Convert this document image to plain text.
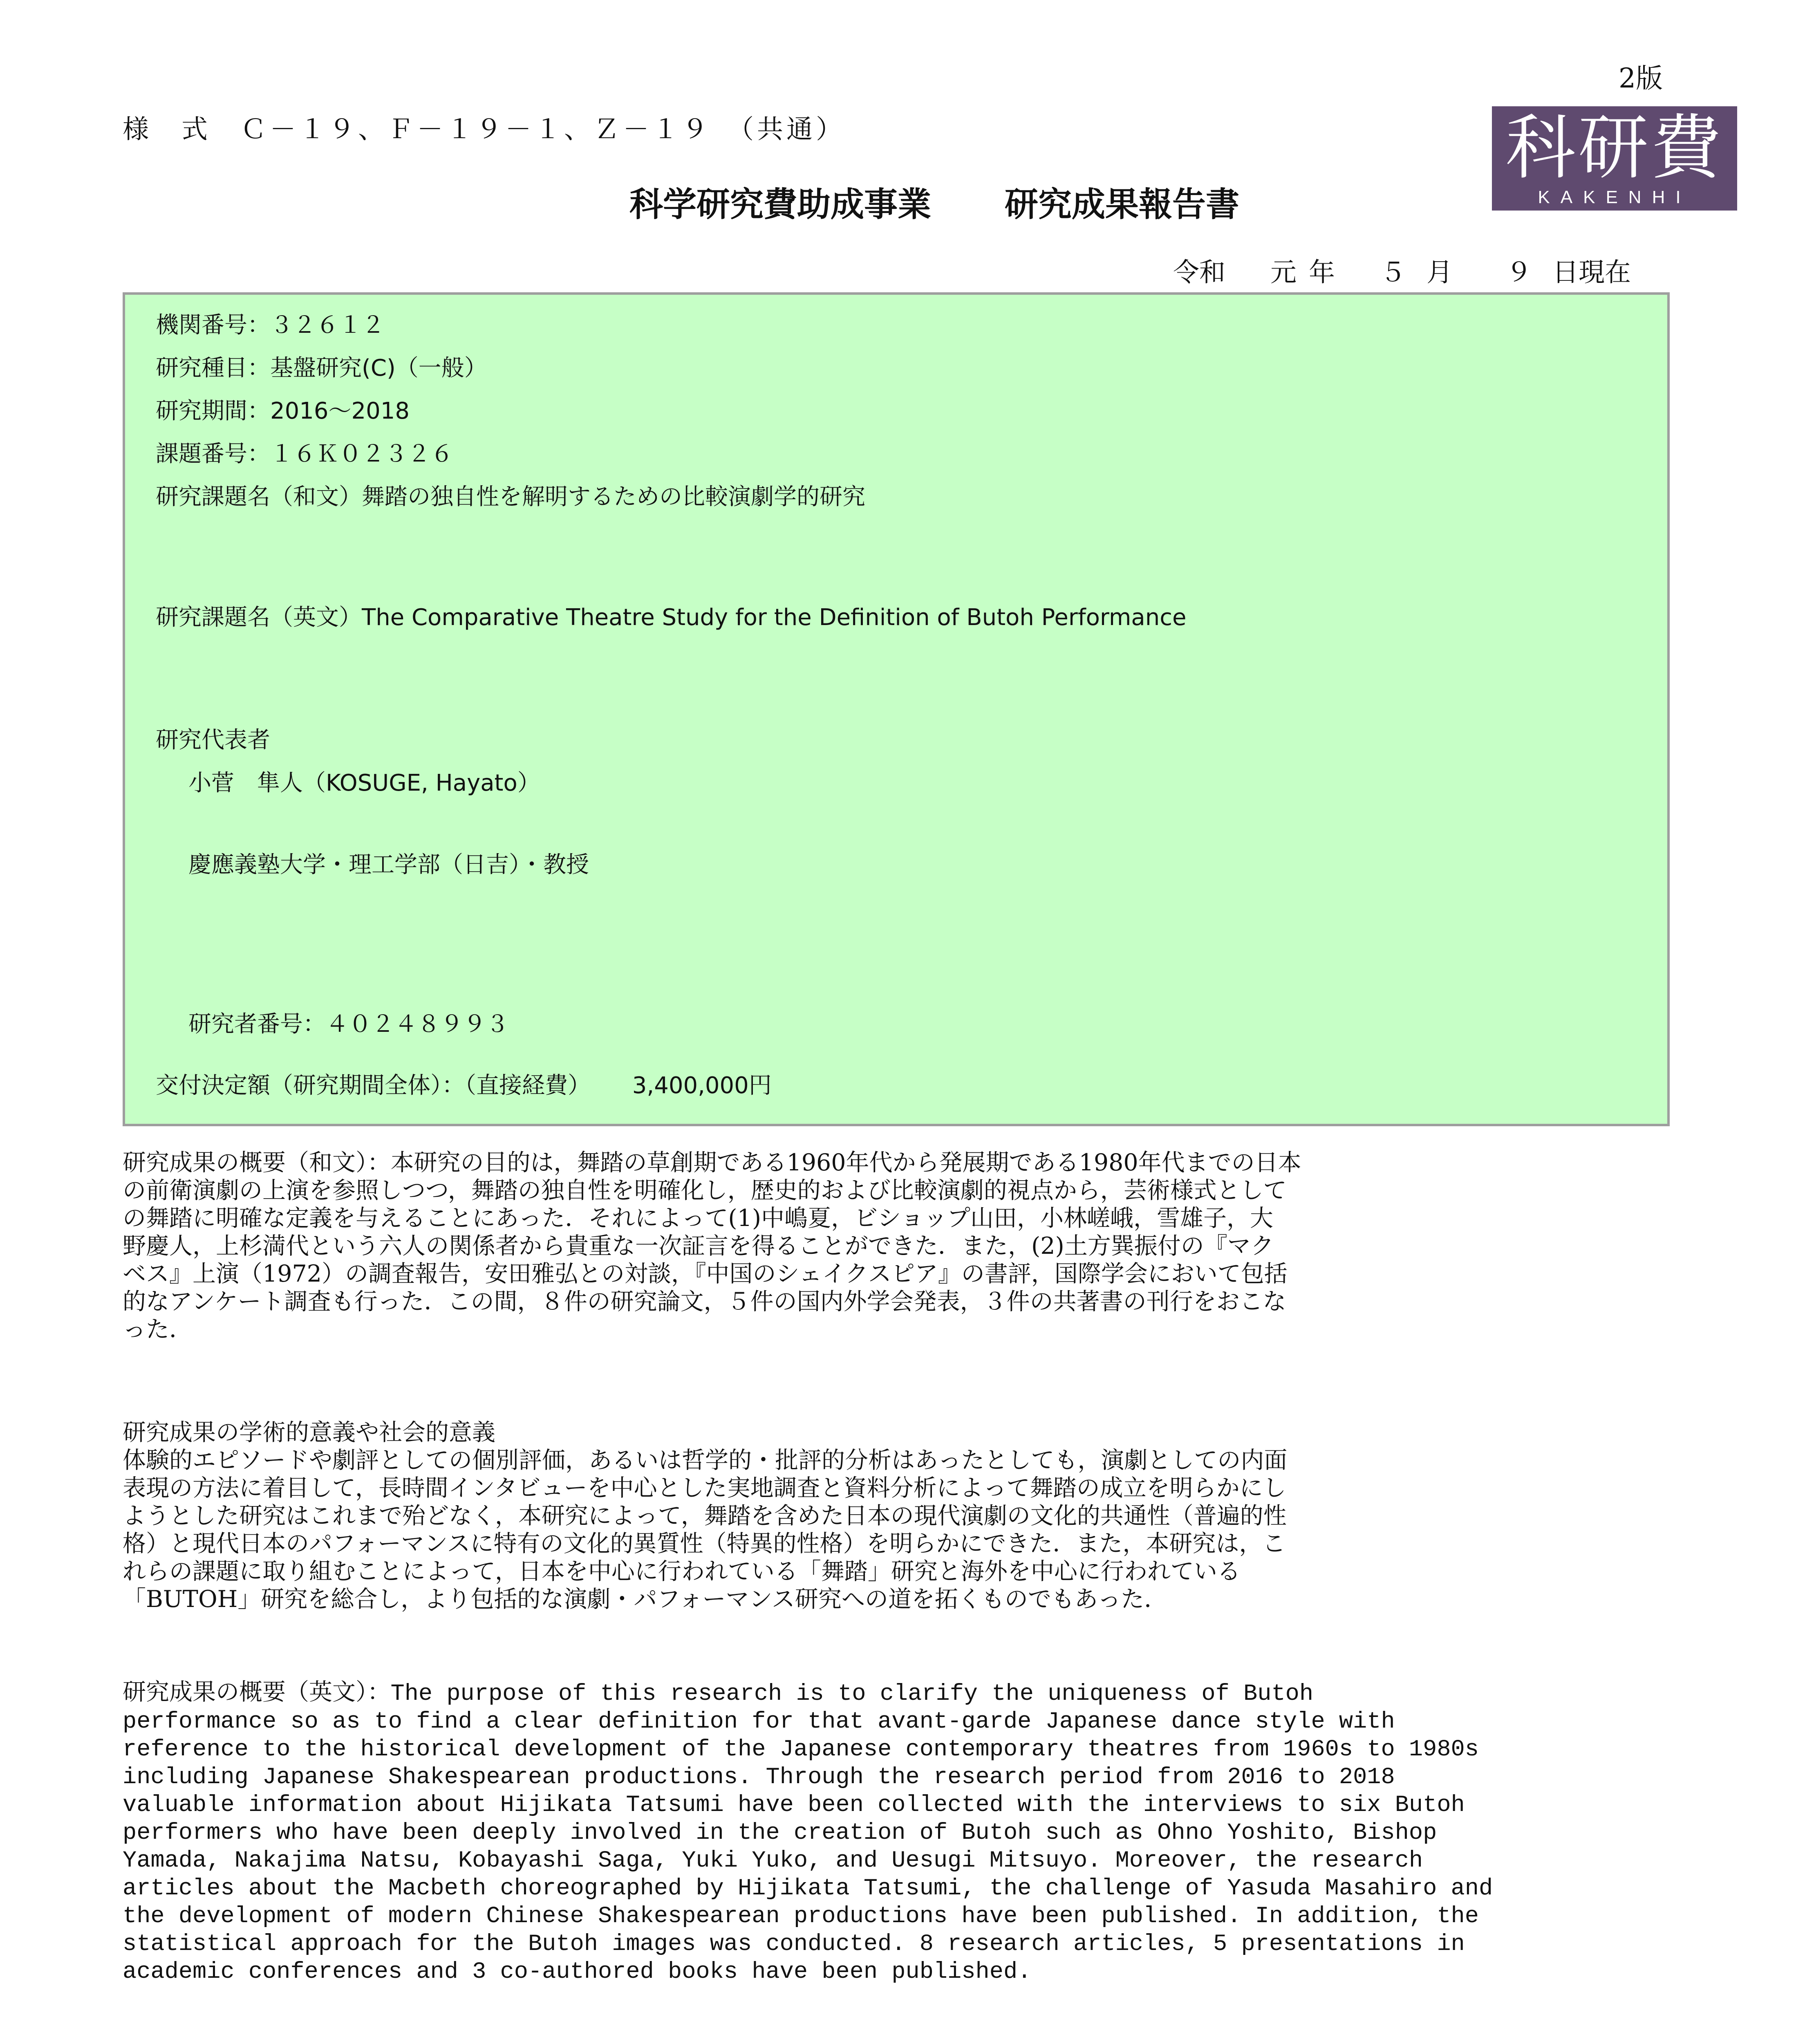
2版
様　式　Ｃ－１９、Ｆ－１９－１、Ｚ－１９　（共通）	科研費
KAKENHI
科学研究費助成事業 研究成果報告書
令和 元 年 ５ 月 ９ 日現在
機関番号：３２６１２
研究種目：基盤研究(C)（一般）
研究期間：2016～2018
課題番号：１６Ｋ０２３２６
研究課題名（和文）舞踏の独自性を解明するための比較演劇学的研究
研究課題名（英文）The Comparative Theatre Study for the Definition of Butoh Performance
研究代表者
小菅　隼人（KOSUGE, Hayato）
慶應義塾大学・理工学部（日吉）・教授
研究者番号：４０２４８９９３
交付決定額（研究期間全体）：（直接経費）　　 3,400,000円
研究成果の概要（和文）：本研究の目的は，舞踏の草創期である1960年代から発展期である1980年代までの日本
の前衛演劇の上演を参照しつつ，舞踏の独自性を明確化し，歴史的および比較演劇的視点から，芸術様式として
の舞踏に明確な定義を与えることにあった．それによって(1)中嶋夏，ビショップ山田，小林嵯峨，雪雄子，大
野慶人，上杉満代という六人の関係者から貴重な一次証言を得ることができた．また，(2)土方巽振付の『マク
ベス』上演（1972）の調査報告，安田雅弘との対談，『中国のシェイクスピア』の書評，国際学会において包括
的なアンケート調査も行った．この間，８件の研究論文，５件の国内外学会発表，３件の共著書の刊行をおこな
った．
研究成果の学術的意義や社会的意義
体験的エピソードや劇評としての個別評価，あるいは哲学的・批評的分析はあったとしても，演劇としての内面
表現の方法に着目して，長時間インタビューを中心とした実地調査と資料分析によって舞踏の成立を明らかにし
ようとした研究はこれまで殆どなく，本研究によって，舞踏を含めた日本の現代演劇の文化的共通性（普遍的性
格）と現代日本のパフォーマンスに特有の文化的異質性（特異的性格）を明らかにできた．また，本研究は，こ
れらの課題に取り組むことによって，日本を中心に行われている「舞踏」研究と海外を中心に行われている
「BUTOH」研究を総合し，より包括的な演劇・パフォーマンス研究への道を拓くものでもあった．
研究成果の概要（英文）：The purpose of this research is to clarify the uniqueness of Butoh
performance so as to find a clear definition for that avant-garde Japanese dance style with
reference to the historical development of the Japanese contemporary theatres from 1960s to 1980s
including Japanese Shakespearean productions. Through the research period from 2016 to 2018
valuable information about Hijikata Tatsumi have been collected with the interviews to six Butoh
performers who have been deeply involved in the creation of Butoh such as Ohno Yoshito, Bishop
Yamada, Nakajima Natsu, Kobayashi Saga, Yuki Yuko, and Uesugi Mitsuyo. Moreover, the research
articles about the Macbeth choreographed by Hijikata Tatsumi, the challenge of Yasuda Masahiro and
the development of modern Chinese Shakespearean productions have been published. In addition, the
statistical approach for the Butoh images was conducted. 8 research articles, 5 presentations in
academic conferences and 3 co-authored books have been published.
